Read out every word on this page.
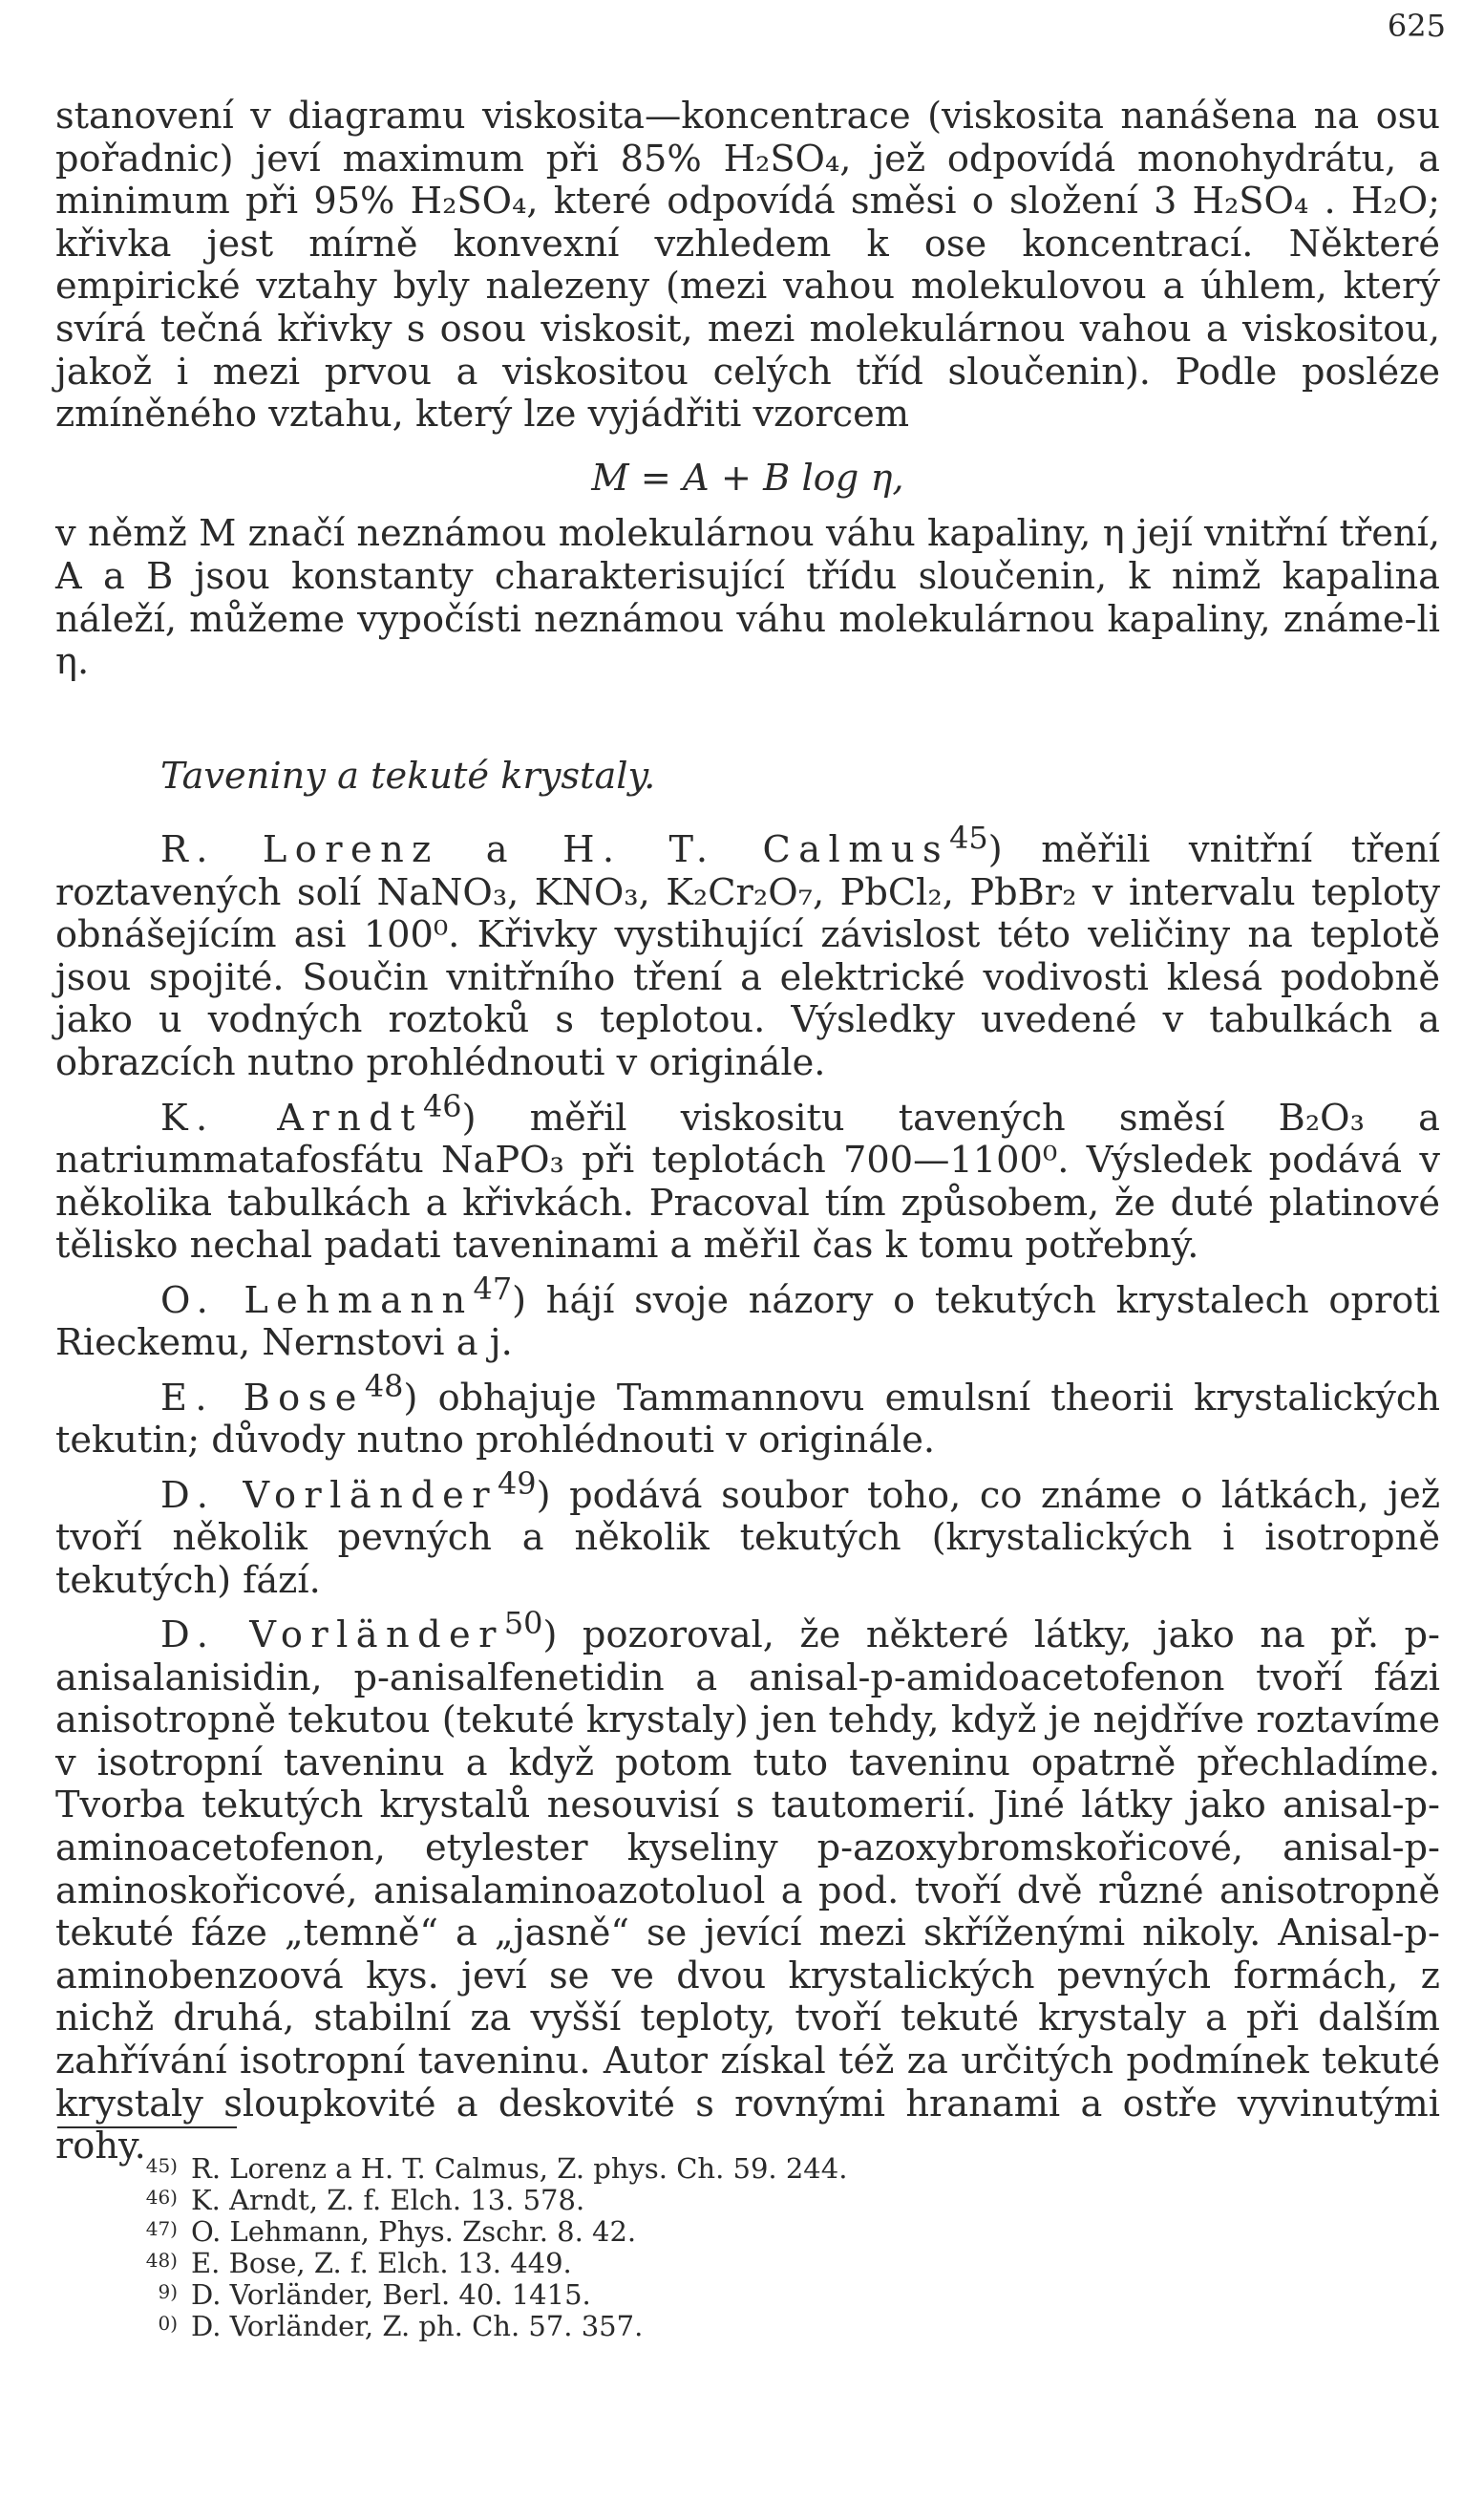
625

stanovení v diagramu viskosita—koncentrace (viskosita nanášena na osu pořadnic) jeví maximum při 85% H₂SO₄, jež odpovídá monohydrátu, a minimum při 95% H₂SO₄, které odpovídá směsi o složení 3 H₂SO₄ . H₂O; křivka jest mírně konvexní vzhledem k ose koncentrací. Některé empirické vztahy byly nalezeny (mezi vahou molekulovou a úhlem, který svírá tečná křivky s osou viskosit, mezi molekulárnou vahou a viskositou, jakož i mezi prvou a viskositou celých tříd sloučenin). Podle posléze zmíněného vztahu, který lze vyjádřiti vzorcem

M = A + B log η,

v němž M značí neznámou molekulárnou váhu kapaliny, η její vnitřní tření, A a B jsou konstanty charakterisující třídu sloučenin, k nimž kapalina náleží, můžeme vypočísti neznámou váhu molekulárnou kapaliny, známe-li η.

Taveniny a tekuté krystaly.

R. Lorenz a H. T. Calmus$^{45}$) měřili vnitřní tření roztavených solí NaNO₃, KNO₃, K₂Cr₂O₇, PbCl₂, PbBr₂ v intervalu teploty obnášejícím asi 100⁰. Křivky vystihující závislost této veličiny na teplotě jsou spojité. Součin vnitřního tření a elektrické vodivosti klesá podobně jako u vodných roztoků s teplotou. Výsledky uvedené v tabulkách a obrazcích nutno prohlédnouti v originále.

K. Arndt$^{46}$) měřil viskositu tavených směsí B₂O₃ a natriummatafosfátu NaPO₃ při teplotách 700—1100⁰. Výsledek podává v několika tabulkách a křivkách. Pracoval tím způsobem, že duté platinové tělisko nechal padati taveninami a měřil čas k tomu potřebný.

O. Lehmann$^{47}$) hájí svoje názory o tekutých krystalech oproti Rieckemu, Nernstovi a j.

E. Bose$^{48}$) obhajuje Tammannovu emulsní theorii krystalických tekutin; důvody nutno prohlédnouti v originále.

D. Vorländer$^{49}$) podává soubor toho, co známe o látkách, jež tvoří několik pevných a několik tekutých (krystalických i isotropně tekutých) fází.

D. Vorländer$^{50}$) pozoroval, že některé látky, jako na př. p-anisalanisidin, p-anisalfenetidin a anisal-p-amidoacetofenon tvoří fázi anisotropně tekutou (tekuté krystaly) jen tehdy, když je nejdříve roztavíme v isotropní taveninu a když potom tuto taveninu opatrně přechladíme. Tvorba tekutých krystalů nesouvisí s tautomerií. Jiné látky jako anisal-p-aminoacetofenon, etylester kyseliny p-azoxybromskořicové, anisal-p-aminoskořicové, anisalaminoazotoluol a pod. tvoří dvě různé anisotropně tekuté fáze „temně“ a „jasně“ se jevící mezi skříženými nikoly. Anisal-p-aminobenzoová kys. jeví se ve dvou krystalických pevných formách, z nichž druhá, stabilní za vyšší teploty, tvoří tekuté krystaly a při dalším zahřívání isotropní taveninu. Autor získal též za určitých podmínek tekuté krystaly sloupkovité a deskovité s rovnými hranami a ostře vyvinutými rohy. 45) R. Lorenz a H. T. Calmus, Z. phys. Ch. 59. 244.
46) K. Arndt, Z. f. Elch. 13. 578.
47) O. Lehmann, Phys. Zschr. 8. 42.
48) E. Bose, Z. f. Elch. 13. 449.
9) D. Vorländer, Berl. 40. 1415.
0) D. Vorländer, Z. ph. Ch. 57. 357.
